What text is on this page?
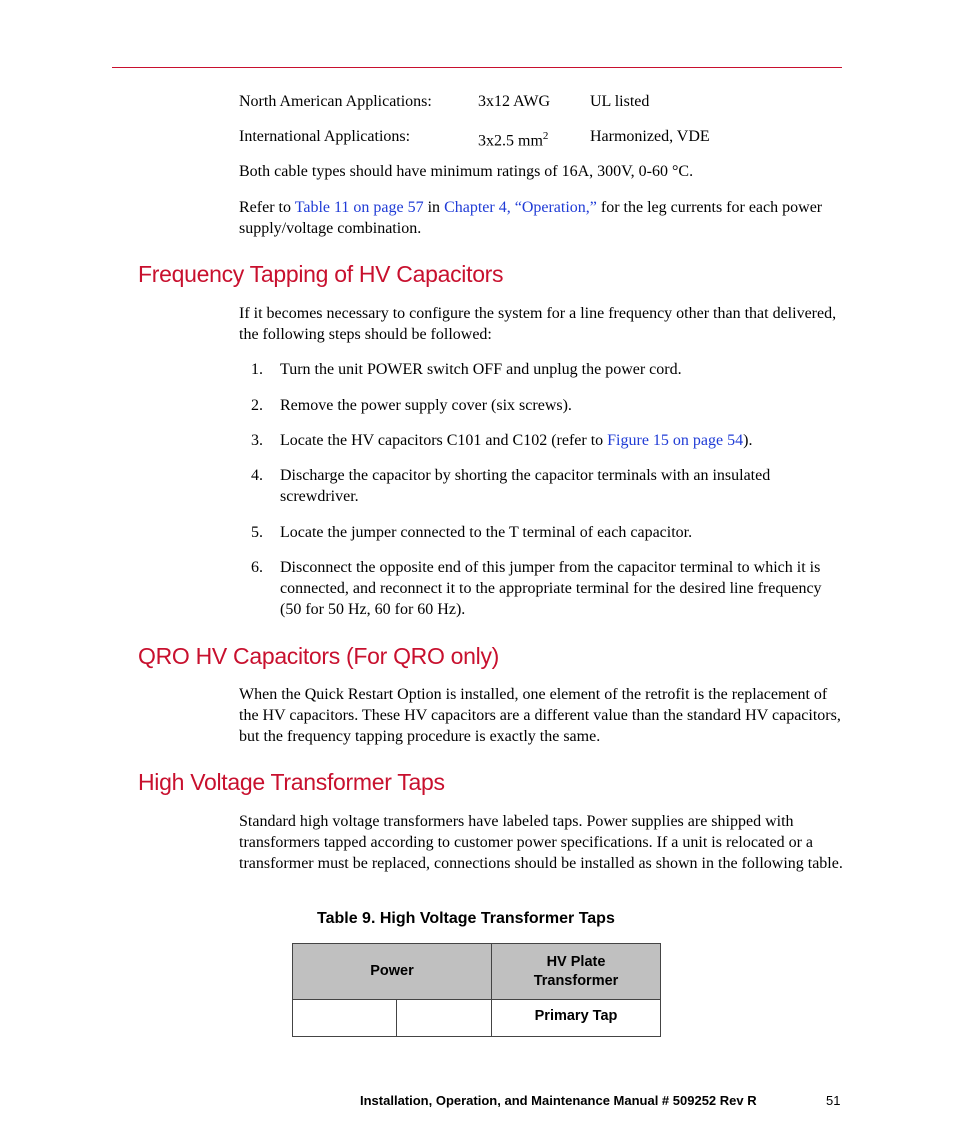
North American Applications:	3x12 AWG UL listed
International Applications:	3x2.5 $mm^2$	Harmonized, VDE
Both cable types should have minimum ratings of 16A, 300V, 0-60 °C.
Refer to Table 11 on page 57 in Chapter 4, “Operation,” for the leg currents for each power supply/voltage combination.
Frequency Tapping of HV Capacitors
If it becomes necessary to configure the system for a line frequency other than that delivered, the following steps should be followed:
1. Turn the unit POWER switch OFF and unplug the power cord.
2. Remove the power supply cover (six screws).
3. Locate the HV capacitors C101 and C102 (refer to Figure 15 on page 54).
4. Discharge the capacitor by shorting the capacitor terminals with an insulated screwdriver.
5. Locate the jumper connected to the T terminal of each capacitor.
6. Disconnect the opposite end of this jumper from the capacitor terminal to which it is connected, and reconnect it to the appropriate terminal for the desired line frequency (50 for 50 Hz, 60 for 60 Hz).
QRO HV Capacitors (For QRO only)
When the Quick Restart Option is installed, one element of the retrofit is the replacement of the HV capacitors. These HV capacitors are a different value than the standard HV capacitors, but the frequency tapping procedure is exactly the same.
High Voltage Transformer Taps
Standard high voltage transformers have labeled taps. Power supplies are shipped with transformers tapped according to customer power specifications. If a unit is relocated or a transformer must be replaced, connections should be installed as shown in the following table.
Table 9. High Voltage Transformer Taps
Power		HV Plate
Transformer

		Primary Tap
Installation, Operation, and Maintenance Manual # 509252 Rev R	51
